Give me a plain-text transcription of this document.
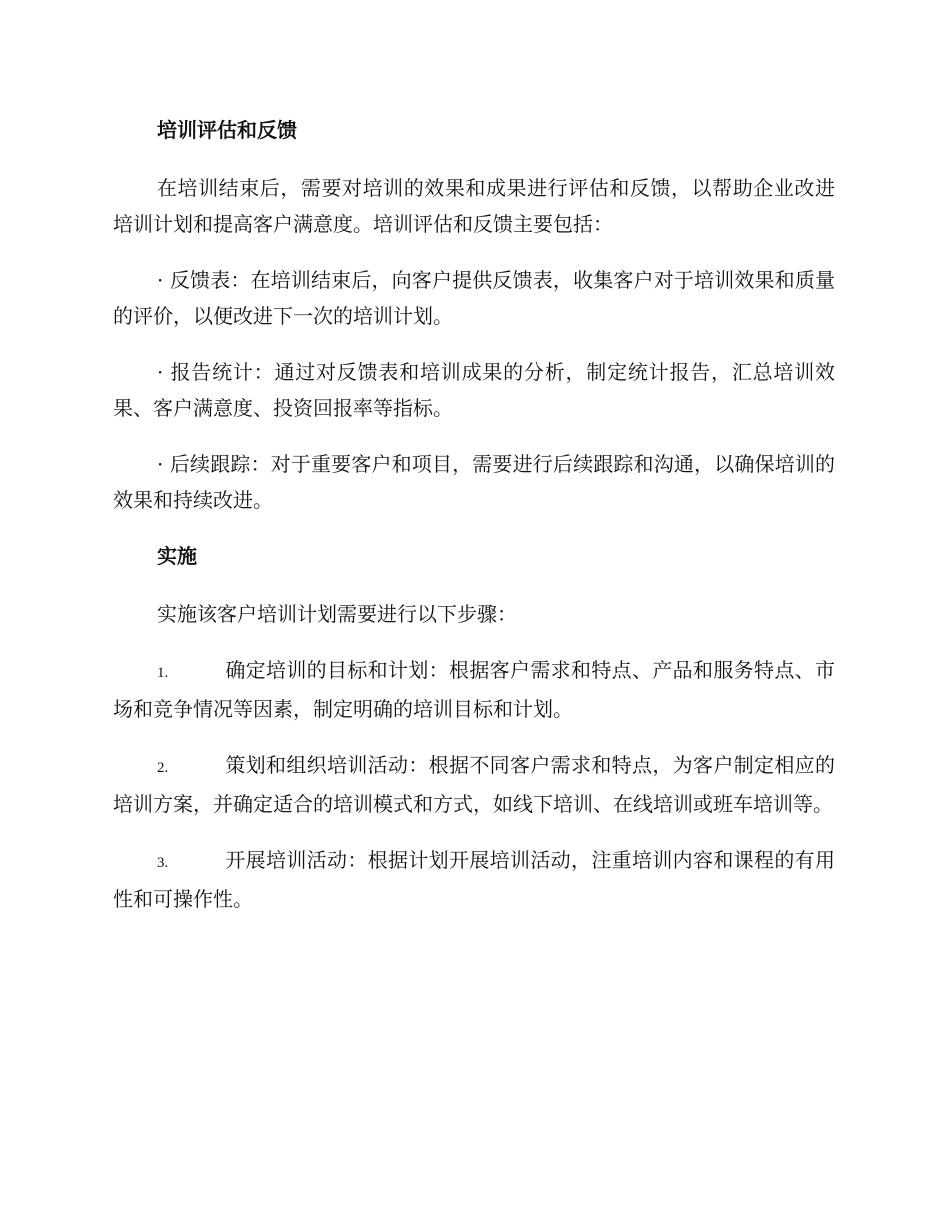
培训评估和反馈
在培训结束后，需要对培训的效果和成果进行评估和反馈，以帮助企业改进培训计划和提高客户满意度。培训评估和反馈主要包括：
· 反馈表：在培训结束后，向客户提供反馈表，收集客户对于培训效果和质量的评价，以便改进下一次的培训计划。
· 报告统计：通过对反馈表和培训成果的分析，制定统计报告，汇总培训效果、客户满意度、投资回报率等指标。
· 后续跟踪：对于重要客户和项目，需要进行后续跟踪和沟通，以确保培训的效果和持续改进。
实施
实施该客户培训计划需要进行以下步骤：
1.	确定培训的目标和计划：根据客户需求和特点、产品和服务特点、市场和竞争情况等因素，制定明确的培训目标和计划。
2.	策划和组织培训活动：根据不同客户需求和特点，为客户制定相应的培训方案，并确定适合的培训模式和方式，如线下培训、在线培训或班车培训等。
3.	开展培训活动：根据计划开展培训活动，注重培训内容和课程的有用性和可操作性。
